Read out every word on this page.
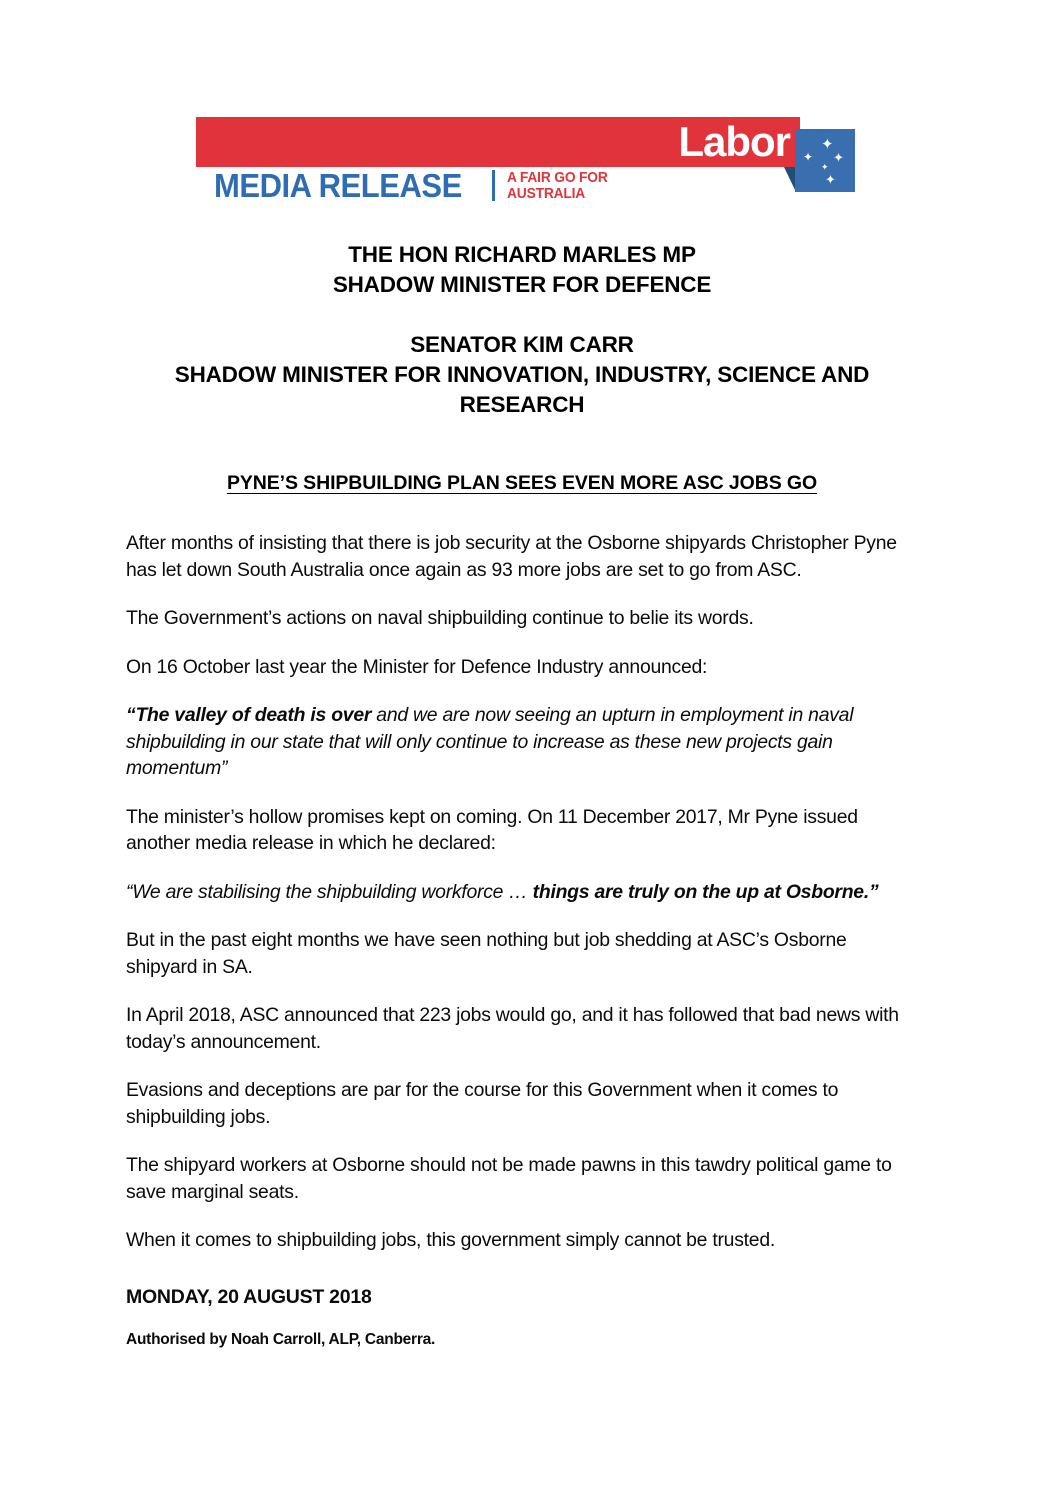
Labor ✦
✦ ✦
✦
✦
MEDIA RELEASE	A FAIR GO FOR
AUSTRALIA
THE HON RICHARD MARLES MP
SHADOW MINISTER FOR DEFENCE
SENATOR KIM CARR
SHADOW MINISTER FOR INNOVATION, INDUSTRY, SCIENCE AND
RESEARCH
PYNE’S SHIPBUILDING PLAN SEES EVEN MORE ASC JOBS GO

After months of insisting that there is job security at the Osborne shipyards Christopher Pyne has let down South Australia once again as 93 more jobs are set to go from ASC.

The Government’s actions on naval shipbuilding continue to belie its words.

On 16 October last year the Minister for Defence Industry announced:

“The valley of death is over and we are now seeing an upturn in employment in naval shipbuilding in our state that will only continue to increase as these new projects gain momentum”

The minister’s hollow promises kept on coming. On 11 December 2017, Mr Pyne issued another media release in which he declared:

“We are stabilising the shipbuilding workforce … things are truly on the up at Osborne.”

But in the past eight months we have seen nothing but job shedding at ASC’s Osborne shipyard in SA.

In April 2018, ASC announced that 223 jobs would go, and it has followed that bad news with today’s announcement.

Evasions and deceptions are par for the course for this Government when it comes to shipbuilding jobs.

The shipyard workers at Osborne should not be made pawns in this tawdry political game to save marginal seats.

When it comes to shipbuilding jobs, this government simply cannot be trusted.

MONDAY, 20 AUGUST 2018

Authorised by Noah Carroll, ALP, Canberra.
